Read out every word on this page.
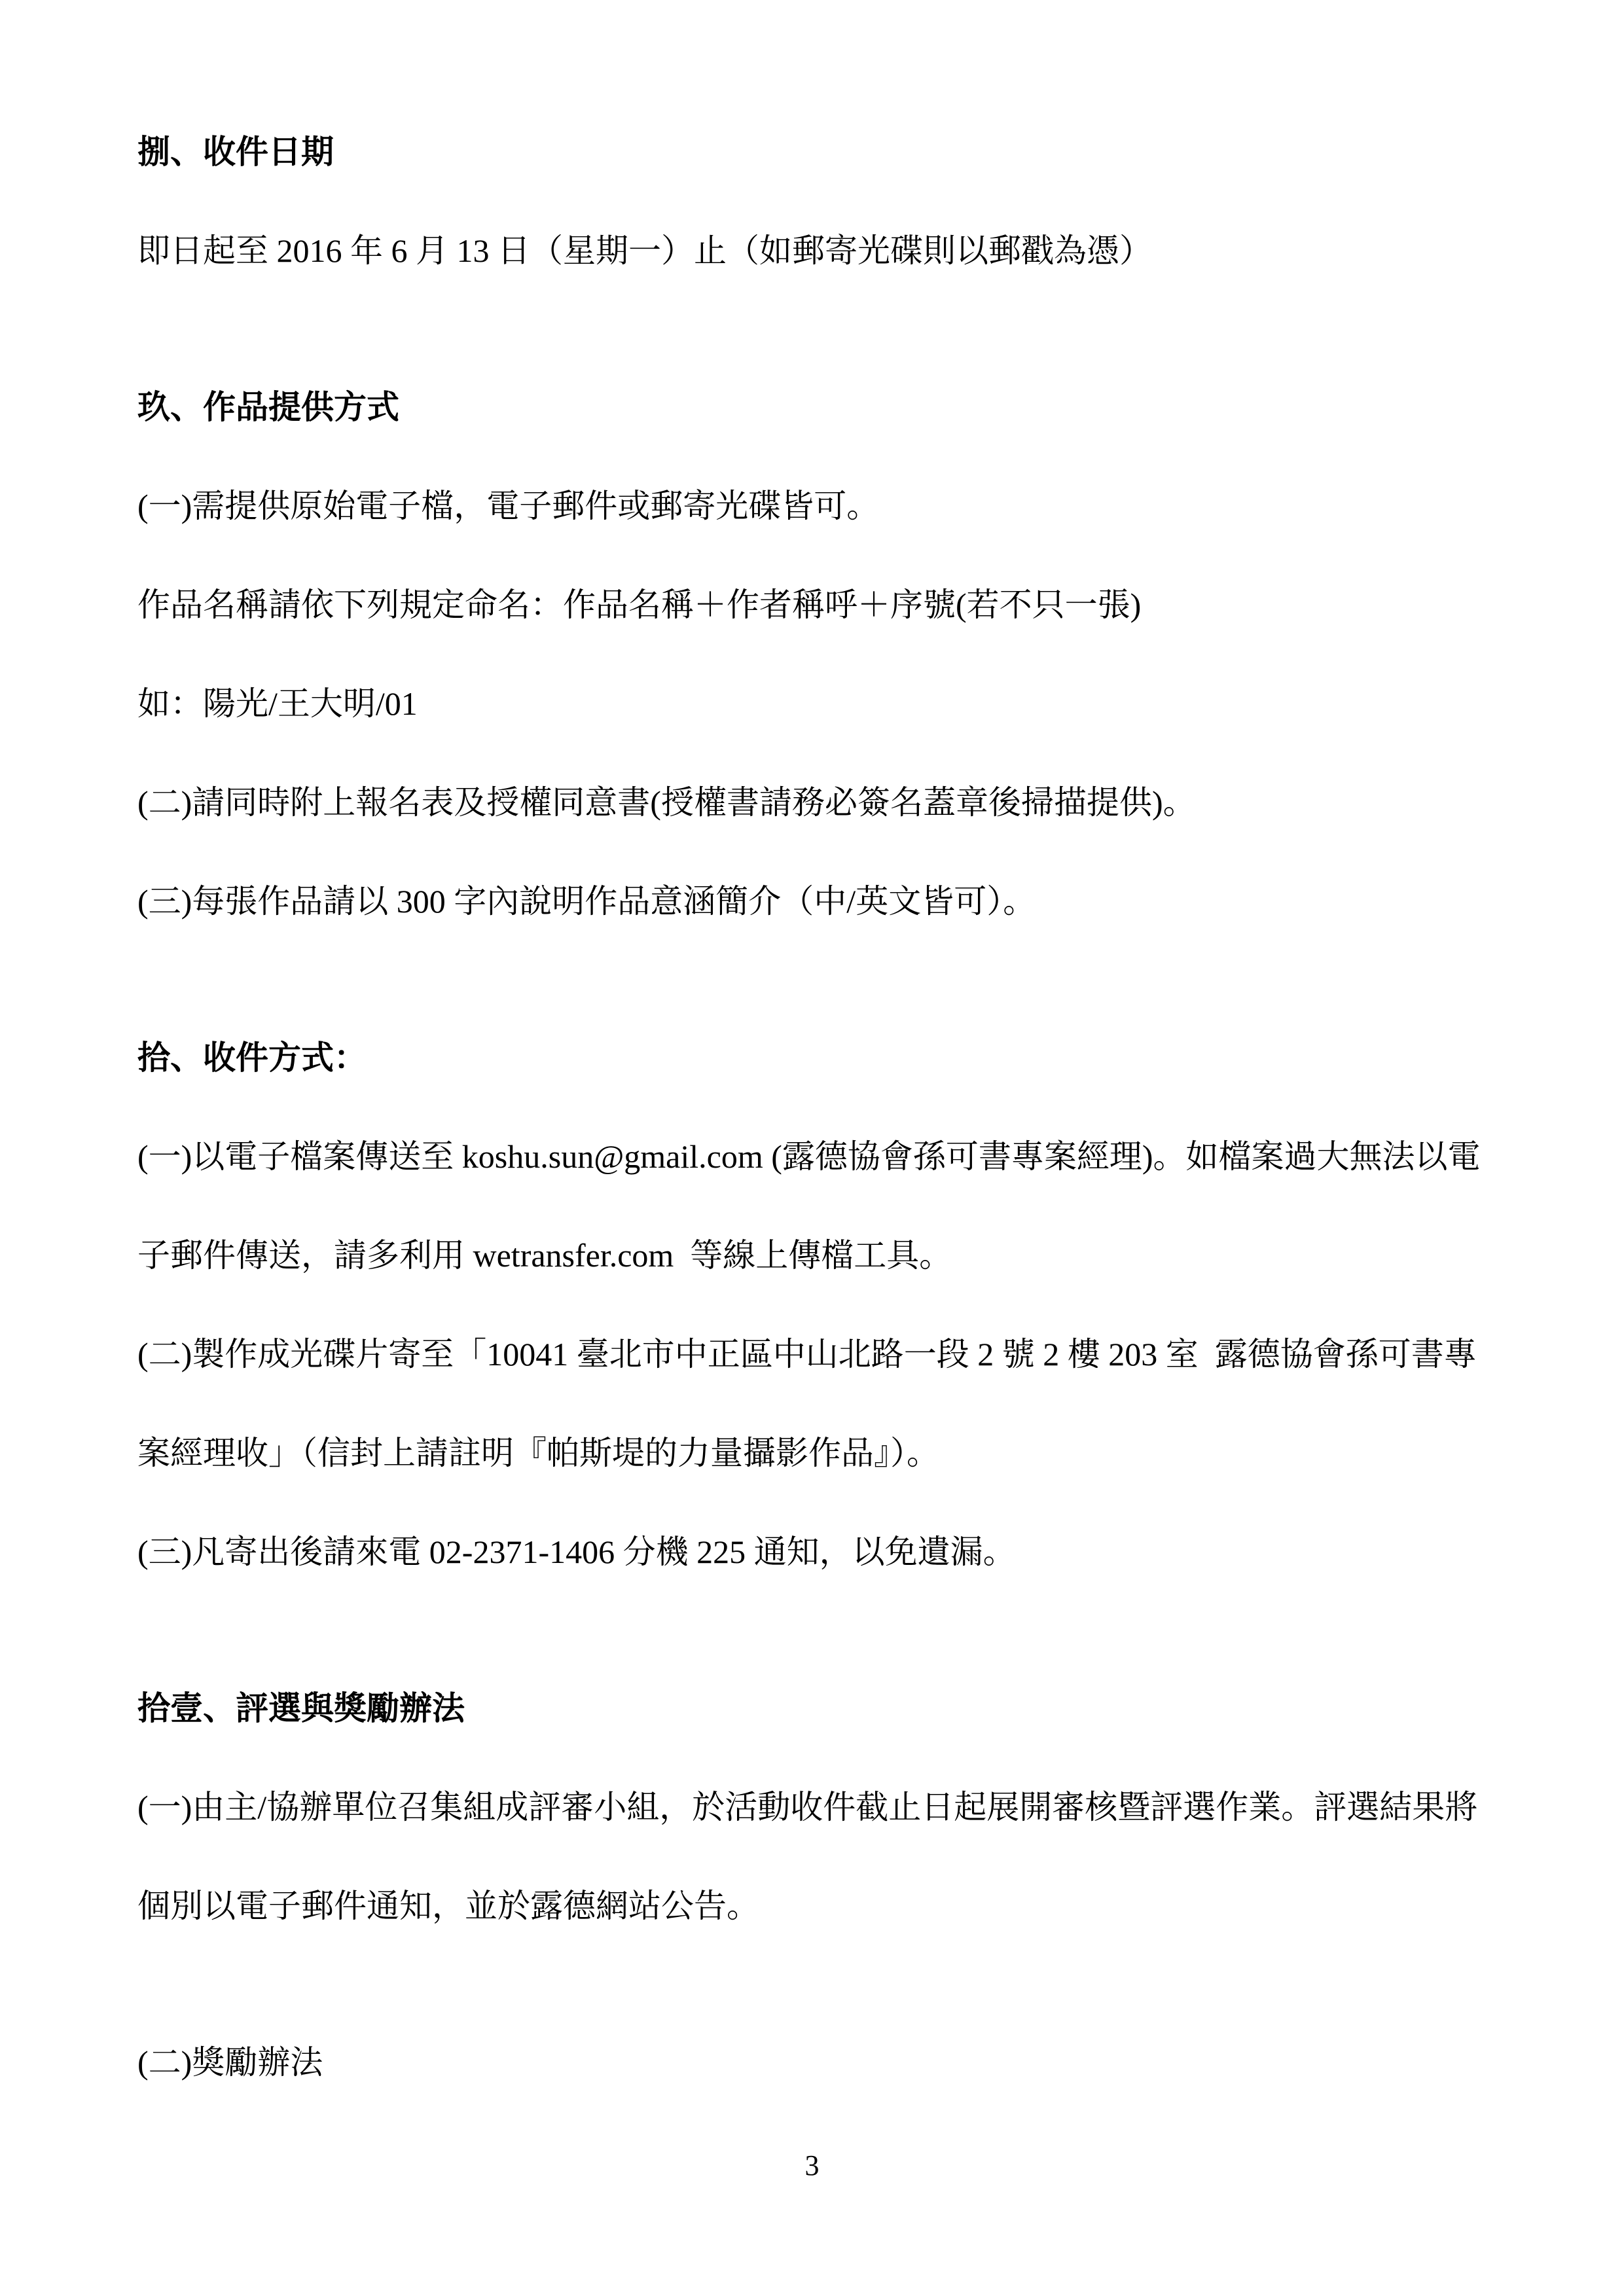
捌、收件日期
即日起至 2016 年 6 月 13 日（星期一）止（如郵寄光碟則以郵戳為憑）
玖、作品提供方式
(一)需提供原始電子檔，電子郵件或郵寄光碟皆可。
作品名稱請依下列規定命名：作品名稱＋作者稱呼＋序號(若不只一張)
如：陽光/王大明/01
(二)請同時附上報名表及授權同意書(授權書請務必簽名蓋章後掃描提供)。
(三)每張作品請以 300 字內說明作品意涵簡介（中/英文皆可）。
拾、收件方式：
(一)以電子檔案傳送至 koshu.sun@gmail.com (露德協會孫可書專案經理)。如檔案過大無法以電
子郵件傳送，請多利用 wetransfer.com  等線上傳檔工具。
(二)製作成光碟片寄至「10041 臺北市中正區中山北路一段 2 號 2 樓 203 室  露德協會孫可書專
案經理收」（信封上請註明『帕斯堤的力量攝影作品』）。
(三)凡寄出後請來電 02-2371-1406 分機 225 通知，以免遺漏。
拾壹、評選與獎勵辦法
(一)由主/協辦單位召集組成評審小組，於活動收件截止日起展開審核暨評選作業。評選結果將
個別以電子郵件通知，並於露德網站公告。
(二)獎勵辦法
3
